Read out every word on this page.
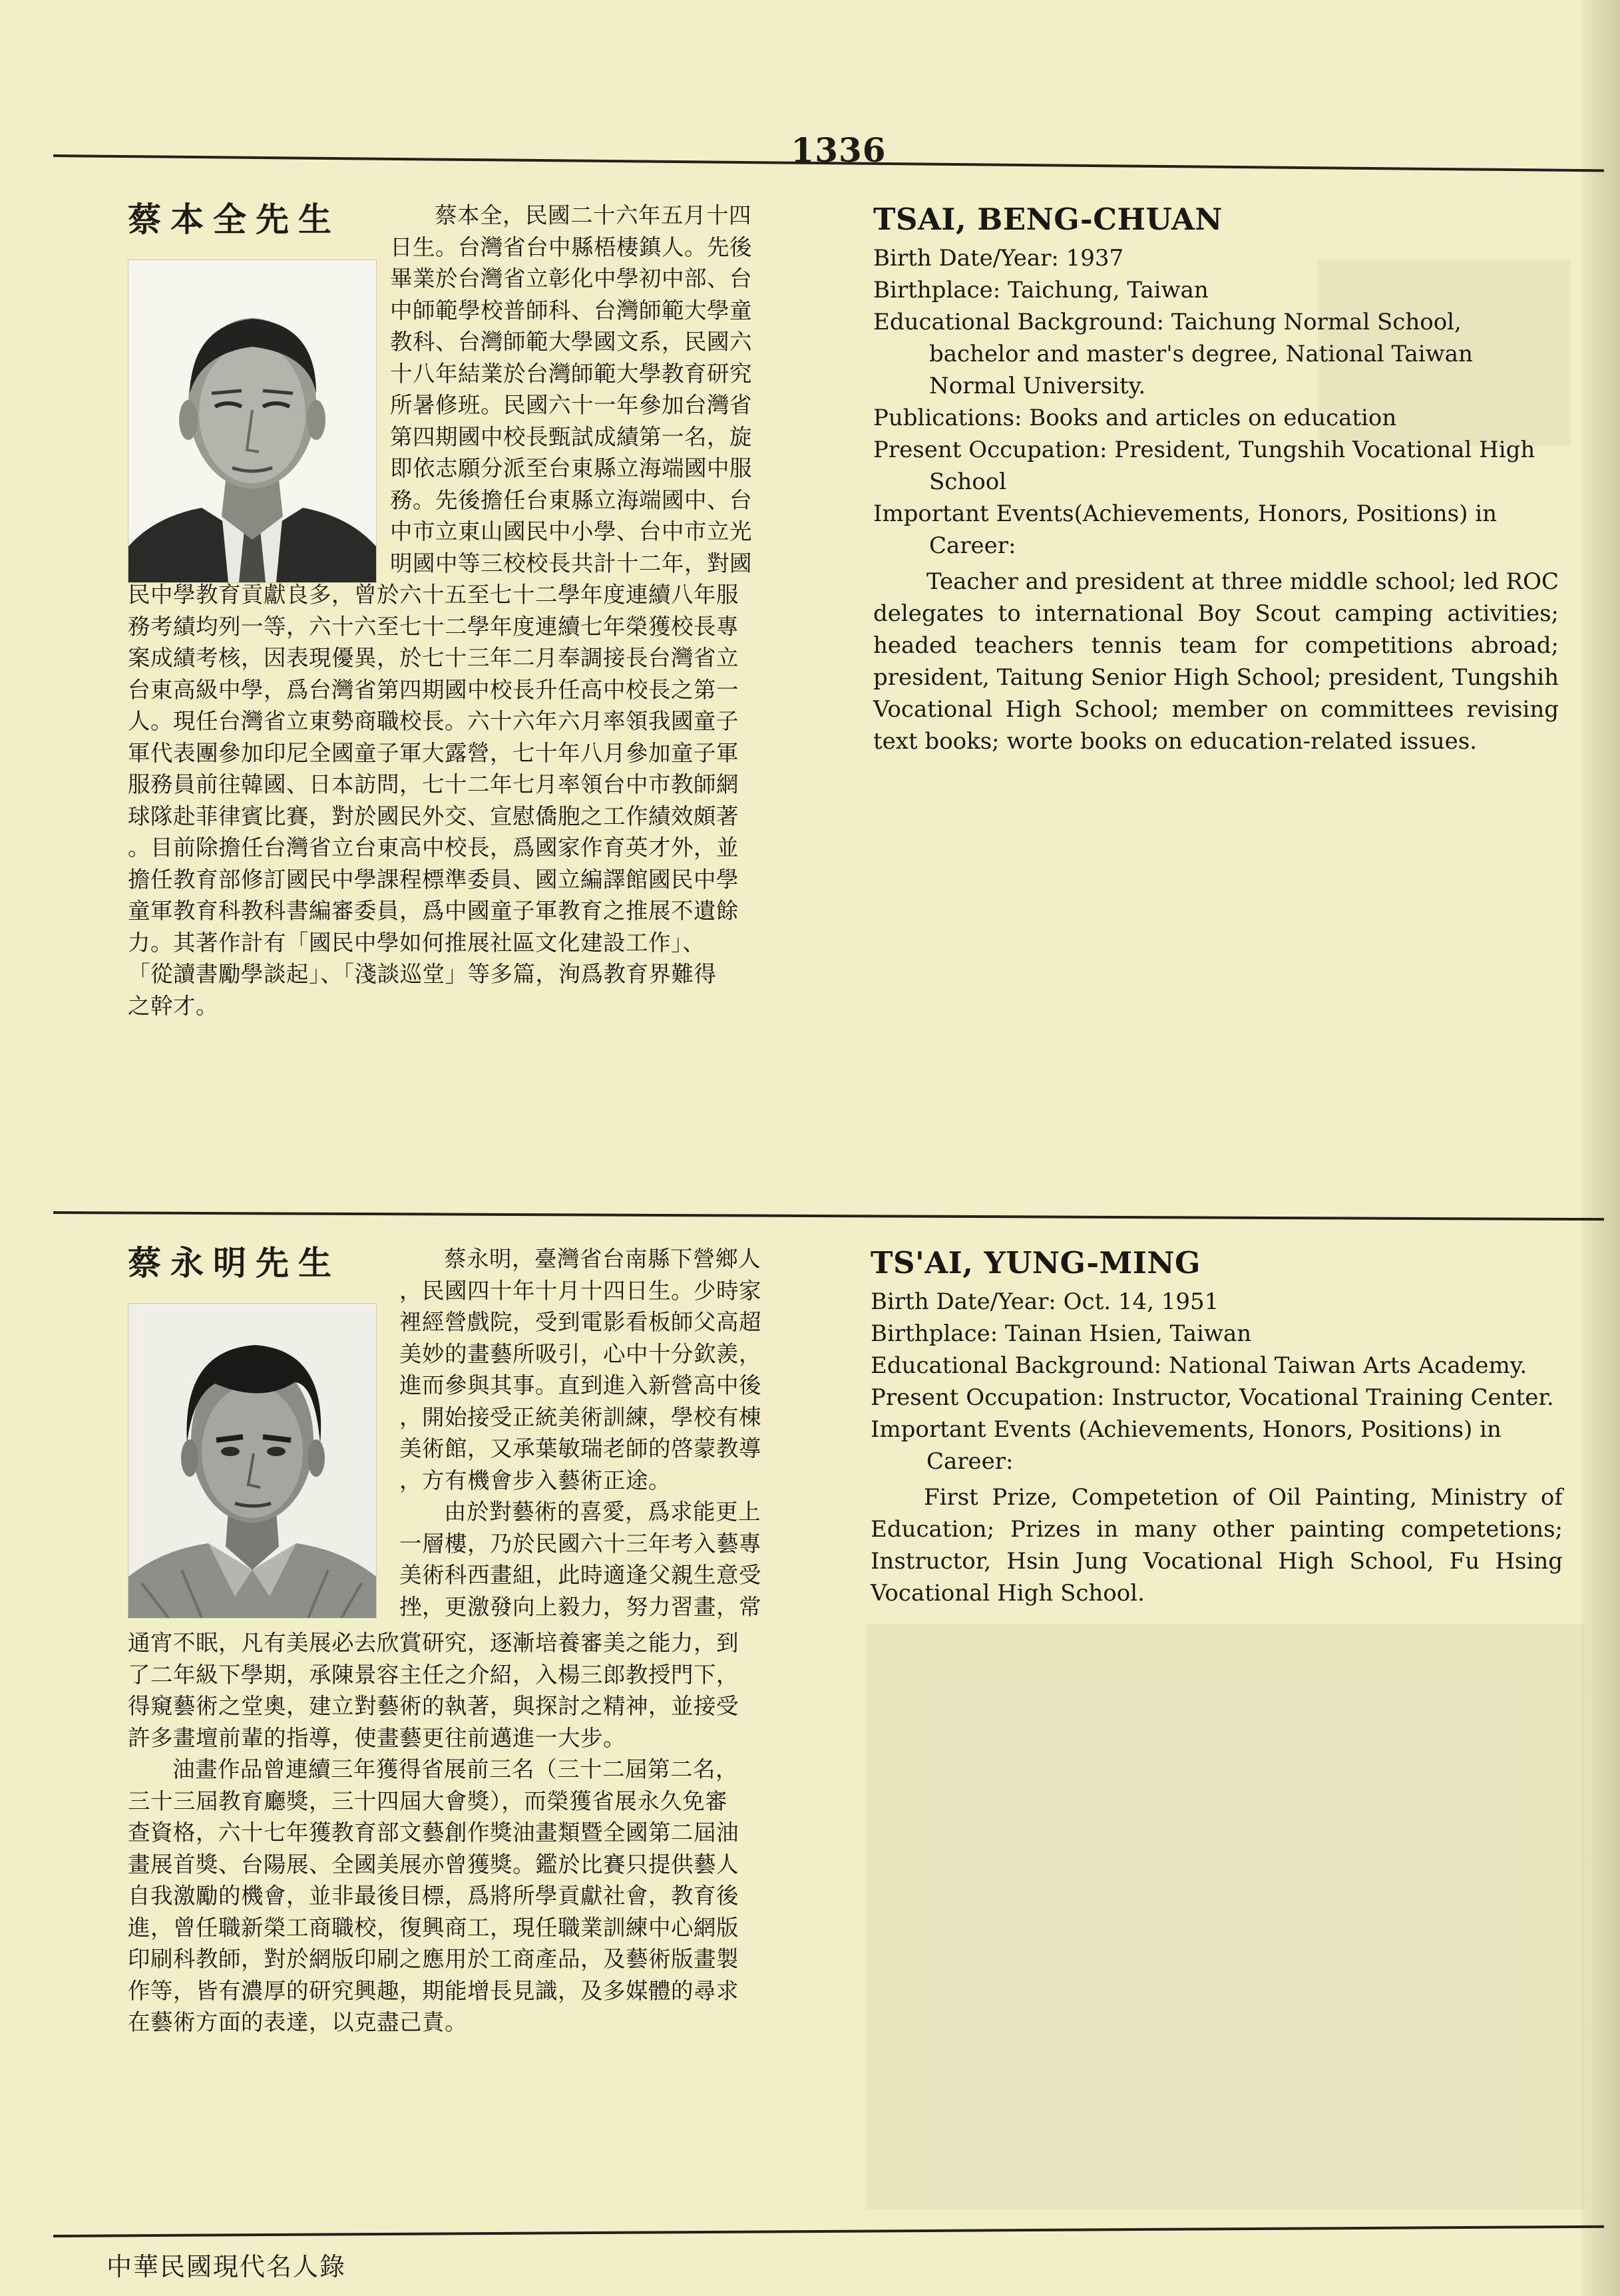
1336
蔡本全先生	蔡本全，民國二十六年五月十四

日生。台灣省台中縣梧棲鎮人。先後

畢業於台灣省立彰化中學初中部、台

中師範學校普師科、台灣師範大學童

教科、台灣師範大學國文系，民國六

十八年結業於台灣師範大學教育研究

所暑修班。民國六十一年參加台灣省

第四期國中校長甄試成績第一名，旋

即依志願分派至台東縣立海端國中服

務。先後擔任台東縣立海端國中、台

中市立東山國民中小學、台中市立光

明國中等三校校長共計十二年，對國

民中學教育貢獻良多，曾於六十五至七十二學年度連續八年服

務考績均列一等，六十六至七十二學年度連續七年榮獲校長專

案成績考核，因表現優異，於七十三年二月奉調接長台灣省立

台東高級中學，爲台灣省第四期國中校長升任高中校長之第一

人。現任台灣省立東勢商職校長。六十六年六月率領我國童子

軍代表團參加印尼全國童子軍大露營，七十年八月參加童子軍

服務員前往韓國、日本訪問，七十二年七月率領台中市教師網

球隊赴菲律賓比賽，對於國民外交、宣慰僑胞之工作績效頗著

。目前除擔任台灣省立台東高中校長，爲國家作育英才外，並

擔任教育部修訂國民中學課程標準委員、國立編譯館國民中學

童軍教育科教科書編審委員，爲中國童子軍教育之推展不遺餘

力。其著作計有「國民中學如何推展社區文化建設工作」、

「從讀書勵學談起」、「淺談巡堂」等多篇，洵爲教育界難得

之幹才。

TSAI, BENG-CHUAN

Birth Date/Year: 1937

Birthplace: Taichung, Taiwan

Educational Background: Taichung Normal School, bachelor and master's degree, National Taiwan Normal University.

Publications: Books and articles on education

Present Occupation: President, Tungshih Vocational High School

Important Events(Achievements, Honors, Positions) in Career:

Teacher and president at three middle school; led ROC delegates to international Boy Scout camping activities; headed teachers tennis team for competitions abroad; president, Taitung Senior High School; president, Tungshih Vocational High School; member on committees revising text books; worte books on education-related issues.

蔡永明先生	蔡永明，臺灣省台南縣下營鄉人

，民國四十年十月十四日生。少時家

裡經營戲院，受到電影看板師父高超

美妙的畫藝所吸引，心中十分欽羨，

進而參與其事。直到進入新營高中後

，開始接受正統美術訓練，學校有棟

美術館，又承葉敏瑞老師的啓蒙教導

，方有機會步入藝術正途。

由於對藝術的喜愛，爲求能更上

一層樓，乃於民國六十三年考入藝專

美術科西畫組，此時適逢父親生意受

挫，更激發向上毅力，努力習畫，常

通宵不眠，凡有美展必去欣賞研究，逐漸培養審美之能力，到

了二年級下學期，承陳景容主任之介紹，入楊三郎教授門下，

得窺藝術之堂奧，建立對藝術的執著，與探討之精神，並接受

許多畫壇前輩的指導，使畫藝更往前邁進一大步。

油畫作品曾連續三年獲得省展前三名（三十二屆第二名，

三十三屆教育廳獎，三十四屆大會獎），而榮獲省展永久免審

查資格，六十七年獲教育部文藝創作獎油畫類暨全國第二屆油

畫展首獎、台陽展、全國美展亦曾獲獎。鑑於比賽只提供藝人

自我激勵的機會，並非最後目標，爲將所學貢獻社會，教育後

進，曾任職新榮工商職校，復興商工，現任職業訓練中心網版

印刷科教師，對於網版印刷之應用於工商產品，及藝術版畫製

作等，皆有濃厚的研究興趣，期能增長見識，及多媒體的尋求

在藝術方面的表達，以克盡己責。

TS'AI, YUNG-MING

Birth Date/Year: Oct. 14, 1951

Birthplace: Tainan Hsien, Taiwan

Educational Background: National Taiwan Arts Academy.

Present Occupation: Instructor, Vocational Training Center.

Important Events (Achievements, Honors, Positions) in Career:

First Prize, Competetion of Oil Painting, Ministry of Education; Prizes in many other painting competetions; Instructor, Hsin Jung Vocational High School, Fu Hsing Vocational High School.

中華民國現代名人錄
